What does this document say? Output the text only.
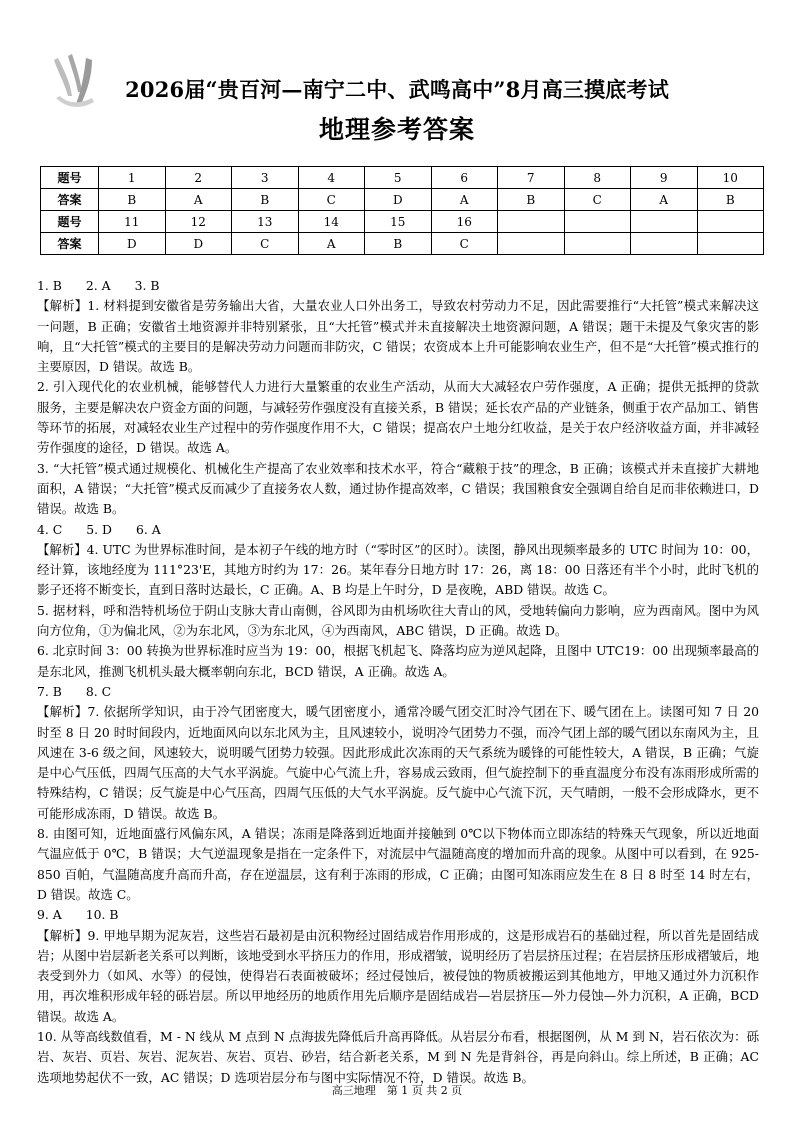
2026届“贵百河—南宁二中、武鸣高中”8月高三摸底考试
地理参考答案
题号	1	2	3	4	5	6	7	8	9	10
答案	B	A	B	C	D	A	B	C	A	B
题号	11	12	13	14	15	16				
答案	D	D	C	A	B	C				

1. B 2. A 3. B

【解析】1. 材料提到安徽省是劳务输出大省，大量农业人口外出务工，导致农村劳动力不足，因此需要推行“大托管”模式来解决这一问题，B 正确；安徽省土地资源并非特别紧张，且“大托管”模式并未直接解决土地资源问题，A 错误；题干未提及气象灾害的影响，且“大托管”模式的主要目的是解决劳动力问题而非防灾，C 错误；农资成本上升可能影响农业生产，但不是“大托管”模式推行的主要原因，D 错误。故选 B。

2. 引入现代化的农业机械，能够替代人力进行大量繁重的农业生产活动，从而大大减轻农户劳作强度，A 正确；提供无抵押的贷款服务，主要是解决农户资金方面的问题，与减轻劳作强度没有直接关系，B 错误；延长农产品的产业链条，侧重于农产品加工、销售等环节的拓展，对减轻农业生产过程中的劳作强度作用不大，C 错误；提高农户土地分红收益，是关于农户经济收益方面，并非减轻劳作强度的途径，D 错误。故选 A。

3. “大托管”模式通过规模化、机械化生产提高了农业效率和技术水平，符合“藏粮于技”的理念，B 正确；该模式并未直接扩大耕地面积，A 错误；“大托管”模式反而减少了直接务农人数，通过协作提高效率，C 错误；我国粮食安全强调自给自足而非依赖进口，D 错误。故选 B。

4. C 5. D 6. A

【解析】4. UTC 为世界标准时间，是本初子午线的地方时（“零时区”的区时）。读图，静风出现频率最多的 UTC 时间为 10：00，经计算，该地经度为 111°23'E，其地方时约为 17：26。某年春分日地方时 17：26，离 18：00 日落还有半个小时，此时飞机的影子还将不断变长，直到日落时达最长，C 正确。A、B 均是上午时分，D 是夜晚，ABD 错误。故选 C。

5. 据材料，呼和浩特机场位于阴山支脉大青山南侧，谷风即为由机场吹往大青山的风，受地转偏向力影响，应为西南风。图中为风向方位角，①为偏北风，②为东北风，③为东北风，④为西南风，ABC 错误，D 正确。故选 D。

6. 北京时间 3：00 转换为世界标准时应当为 19：00，根据飞机起飞、降落均应为逆风起降，且图中 UTC19：00 出现频率最高的是东北风，推测飞机机头最大概率朝向东北，BCD 错误，A 正确。故选 A。

7. B 8. C

【解析】7. 依据所学知识，由于冷气团密度大，暖气团密度小，通常冷暖气团交汇时冷气团在下、暖气团在上。读图可知 7 日 20 时至 8 日 20 时时间段内，近地面风向以东北风为主，且风速较小，说明冷气团势力不强，而冷气团上部的暖气团以东南风为主，且风速在 3-6 级之间，风速较大，说明暖气团势力较强。因此形成此次冻雨的天气系统为暖锋的可能性较大，A 错误，B 正确；气旋是中心气压低，四周气压高的大气水平涡旋。气旋中心气流上升，容易成云致雨，但气旋控制下的垂直温度分布没有冻雨形成所需的特殊结构，C 错误；反气旋是中心气压高，四周气压低的大气水平涡旋。反气旋中心气流下沉，天气晴朗，一般不会形成降水，更不可能形成冻雨，D 错误。故选 B。

8. 由图可知，近地面盛行风偏东风，A 错误；冻雨是降落到近地面并接触到 0℃以下物体而立即冻结的特殊天气现象，所以近地面气温应低于 0℃，B 错误；大气逆温现象是指在一定条件下，对流层中气温随高度的增加而升高的现象。从图中可以看到，在 925-850 百帕，气温随高度升高而升高，存在逆温层，这有利于冻雨的形成，C 正确；由图可知冻雨应发生在 8 日 8 时至 14 时左右，D 错误。故选 C。

9. A 10. B

【解析】9. 甲地早期为泥灰岩，这些岩石最初是由沉积物经过固结成岩作用形成的，这是形成岩石的基础过程，所以首先是固结成岩；从图中岩层新老关系可以判断，该地受到水平挤压力的作用，形成褶皱，说明经历了岩层挤压过程；在岩层挤压形成褶皱后，地表受到外力（如风、水等）的侵蚀，使得岩石表面被破坏；经过侵蚀后，被侵蚀的物质被搬运到其他地方，甲地又通过外力沉积作用，再次堆积形成年轻的砾岩层。所以甲地经历的地质作用先后顺序是固结成岩—岩层挤压—外力侵蚀—外力沉积，A 正确，BCD 错误。故选 A。

10. 从等高线数值看，M - N 线从 M 点到 N 点海拔先降低后升高再降低。从岩层分布看，根据图例，从 M 到 N，岩石依次为：砾岩、灰岩、页岩、灰岩、泥灰岩、灰岩、页岩、砂岩，结合新老关系，M 到 N 先是背斜谷，再是向斜山。综上所述，B 正确；AC 选项地势起伏不一致，AC 错误；D 选项岩层分布与图中实际情况不符，D 错误。故选 B。

高三地理　第 1 页 共 2 页
